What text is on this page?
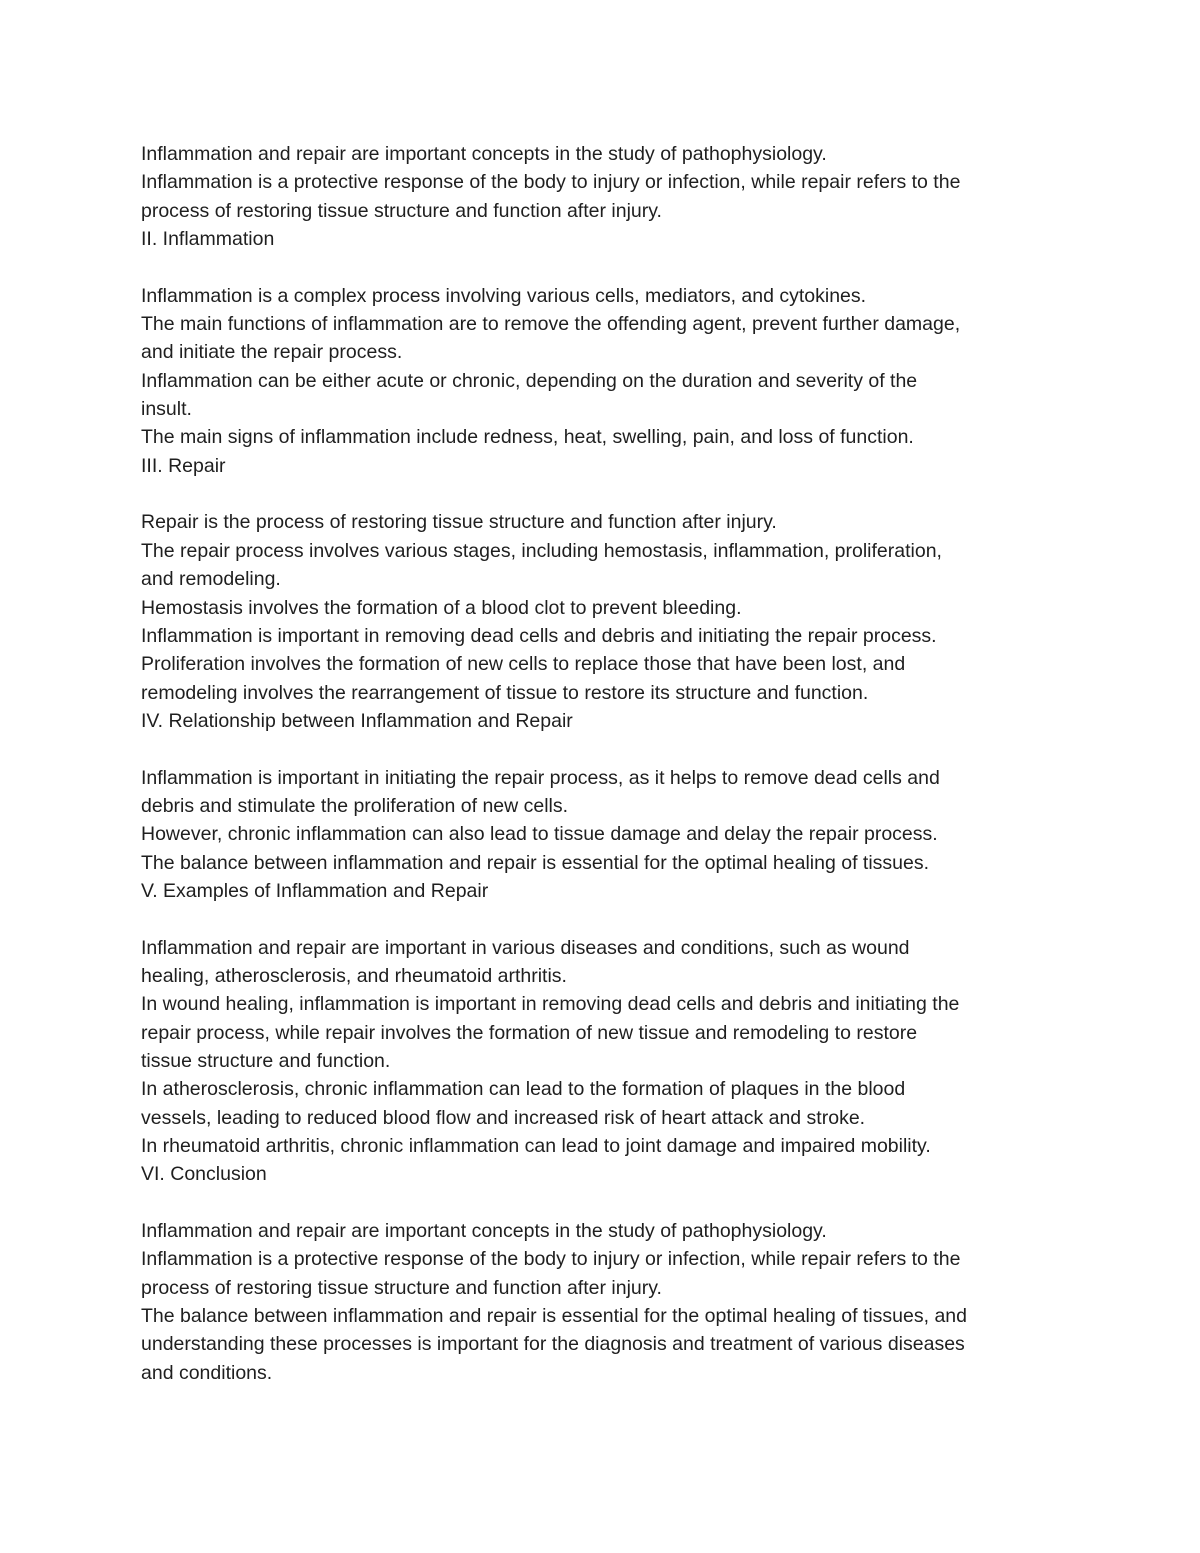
Inflammation and repair are important concepts in the study of pathophysiology.
Inflammation is a protective response of the body to injury or infection, while repair refers to the
process of restoring tissue structure and function after injury.
II. Inflammation
Inflammation is a complex process involving various cells, mediators, and cytokines.
The main functions of inflammation are to remove the offending agent, prevent further damage,
and initiate the repair process.
Inflammation can be either acute or chronic, depending on the duration and severity of the
insult.
The main signs of inflammation include redness, heat, swelling, pain, and loss of function.
III. Repair
Repair is the process of restoring tissue structure and function after injury.
The repair process involves various stages, including hemostasis, inflammation, proliferation,
and remodeling.
Hemostasis involves the formation of a blood clot to prevent bleeding.
Inflammation is important in removing dead cells and debris and initiating the repair process.
Proliferation involves the formation of new cells to replace those that have been lost, and
remodeling involves the rearrangement of tissue to restore its structure and function.
IV. Relationship between Inflammation and Repair
Inflammation is important in initiating the repair process, as it helps to remove dead cells and
debris and stimulate the proliferation of new cells.
However, chronic inflammation can also lead to tissue damage and delay the repair process.
The balance between inflammation and repair is essential for the optimal healing of tissues.
V. Examples of Inflammation and Repair
Inflammation and repair are important in various diseases and conditions, such as wound
healing, atherosclerosis, and rheumatoid arthritis.
In wound healing, inflammation is important in removing dead cells and debris and initiating the
repair process, while repair involves the formation of new tissue and remodeling to restore
tissue structure and function.
In atherosclerosis, chronic inflammation can lead to the formation of plaques in the blood
vessels, leading to reduced blood flow and increased risk of heart attack and stroke.
In rheumatoid arthritis, chronic inflammation can lead to joint damage and impaired mobility.
VI. Conclusion
Inflammation and repair are important concepts in the study of pathophysiology.
Inflammation is a protective response of the body to injury or infection, while repair refers to the
process of restoring tissue structure and function after injury.
The balance between inflammation and repair is essential for the optimal healing of tissues, and
understanding these processes is important for the diagnosis and treatment of various diseases
and conditions.
